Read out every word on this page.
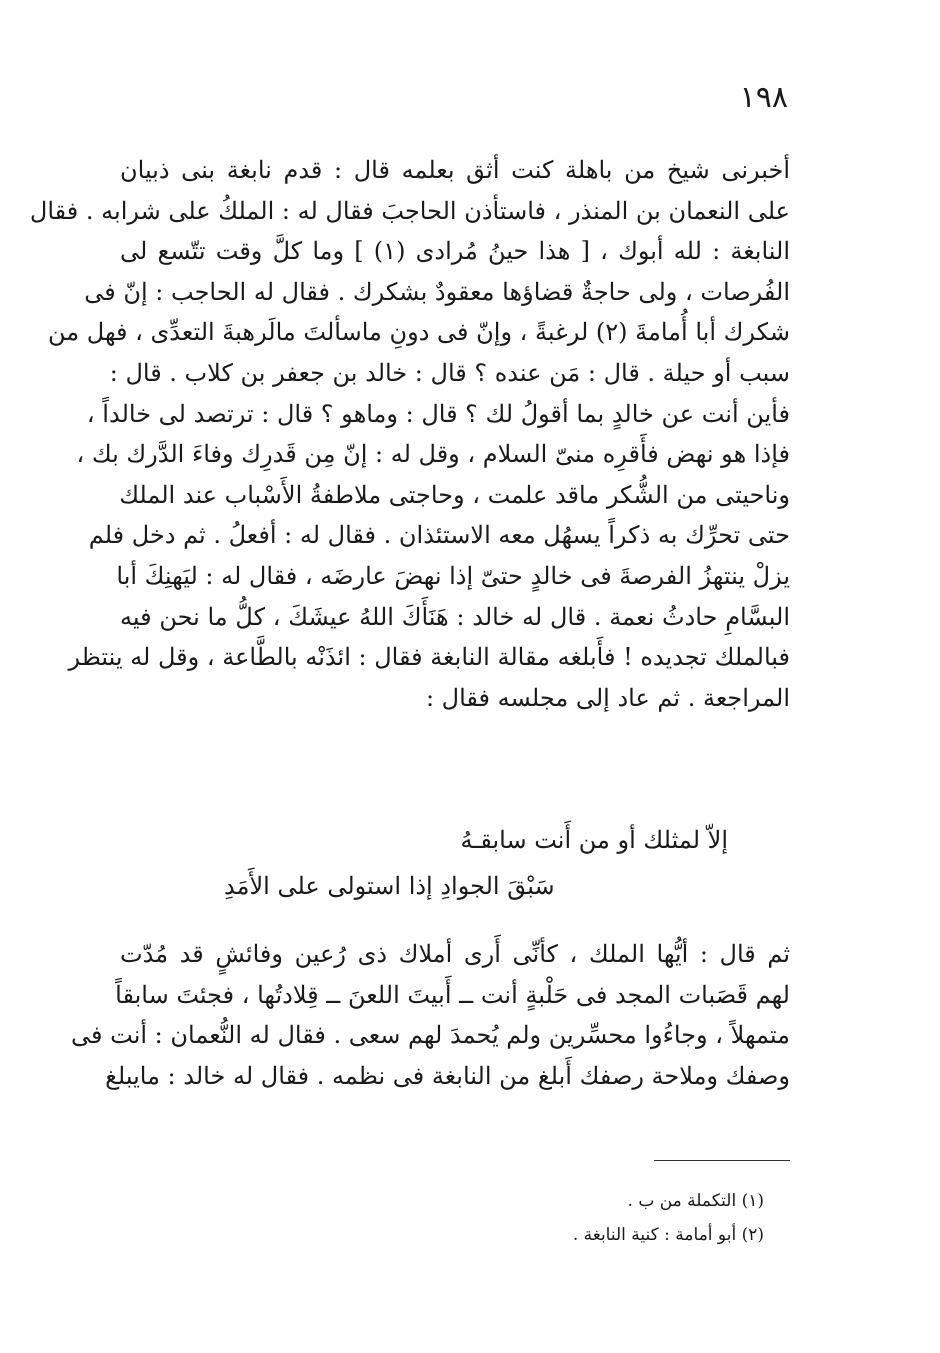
١٩٨
أخبرنى شيخ من باهلة كنت أثق بعلمه قال : قدم نابغة بنى ذبيان
على النعمان بن المنذر ، فاستأذن الحاجبَ فقال له : الملكُ على شرابه . فقال
النابغة : لله أبوك ، [ هذا حينُ مُرادى (١) ] وما كلَّ وقت تتّسع لى
الفُرصات ، ولى حاجةٌ قضاؤها معقودٌ بشكرك . فقال له الحاجب : إنّ فى
شكرك أبا أُمامةَ (٢) لرغبةً ، وإنّ فى دونِ ماسألتَ مالَرهبةَ التعدِّى ، فهل من
سبب أو حيلة . قال : مَن عنده ؟ قال : خالد بن جعفر بن كلاب . قال :
فأين أنت عن خالدٍ بما أقولُ لك ؟ قال : وماهو ؟ قال : ترتصد لى خالداً ،
فإذا هو نهض فأَقرِه منىّ السلام ، وقل له : إنّ مِن قَدرِك وفاءَ الدَّرك بك ،
وناحيتى من الشُّكر ماقد علمت ، وحاجتى ملاطفةُ الأَسْباب عند الملك
حتى تحرِّك به ذكراً يسهُل معه الاستئذان . فقال له : أفعلُ . ثم دخل فلم
يزلْ ينتهزُ الفرصةَ فى خالدٍ حتىّ إذا نهضَ عارضَه ، فقال له : ليَهنِكَ أبا
البسَّامِ حادثُ نعمة . قال له خالد : هَنَأَكَ اللهُ عيشَكَ ، كلُّ ما نحن فيه
فبالملك تجديده ! فأَبلغه مقالة النابغة فقال : ائذَنْه بالطَّاعة ، وقل له ينتظر
المراجعة . ثم عاد إلى مجلسه فقال :
إلاّ لمثلك أو من أَنت سابقـهُ
سَبْقَ الجوادِ إذا استولى على الأَمَدِ
ثم قال : أيُّها الملك ، كأنِّى أَرى أملاك ذى رُعين وفائشٍ قد مُدّت
لهم قَصَبات المجد فى حَلْبةٍ أنت ــ أَبيتَ اللعنَ ــ قِلادتُها ، فجئتَ سابقاً
متمهلاً ، وجاءُوا محسِّرين ولم يُحمدَ لهم سعى . فقال له النُّعمان : أنت فى
وصفك وملاحة رصفك أَبلغ من النابغة فى نظمه . فقال له خالد : مايبلغ
(١) التكملة من ب .
(٢) أبو أمامة : كنية النابغة .
